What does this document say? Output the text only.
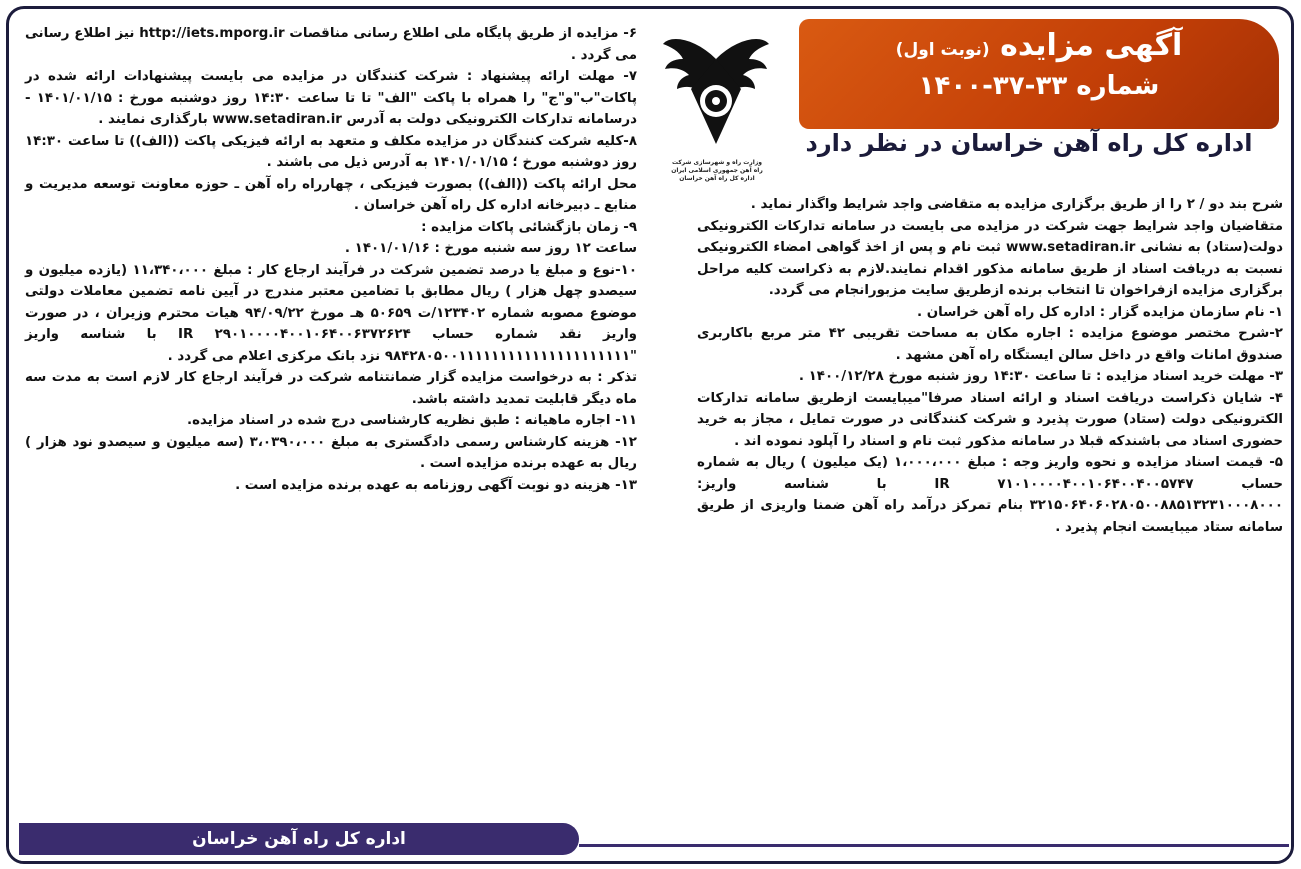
آگهی مزایده (نوبت اول)
شماره ۳۳-۳۷-۱۴۰۰
اداره کل راه آهن خراسان در نظر دارد
وزارت راه و شهرسازی شرکت راه آهن جمهوری اسلامی ایران اداره کل راه آهن خراسان

شرح بند دو / ۲ را از طریق برگزاری مزایده به متقاضی واجد شرایط واگذار نماید .

متقاضیان واجد شرایط جهت شرکت در مزایده می بایست در سامانه تدارکات الکترونیکی دولت(ستاد) به نشانی www.setadiran.ir ثبت نام و پس از اخذ گواهی امضاء الکترونیکی نسبت به دریافت اسناد از طریق سامانه مذکور اقدام نمایند.لازم به ذکراست کلیه مراحل برگزاری مزایده ازفراخوان تا انتخاب برنده ازطریق سایت مزبورانجام می گردد.

۱- نام سازمان مزایده گزار : اداره کل راه آهن خراسان .

۲-شرح مختصر موضوع مزایده : اجاره مکان به مساحت تقریبی ۴۲ متر مربع باکاربری صندوق امانات واقع در داخل سالن ایستگاه راه آهن مشهد .

۳- مهلت خرید اسناد مزایده : تا ساعت ۱۴:۳۰ روز شنبه مورخ ۱۴۰۰/۱۲/۲۸ .

۴- شایان ذکراست دریافت اسناد و ارائه اسناد صرفا"میبایست ازطریق سامانه تدارکات الکترونیکی دولت (ستاد) صورت پذیرد و شرکت کنندگانی در صورت تمایل ، مجاز به خرید حضوری اسناد می باشندکه قبلا در سامانه مذکور ثبت نام و اسناد را آپلود نموده اند .

۵- قیمت اسناد مزایده و نحوه واریز وجه : مبلغ ۱،۰۰۰،۰۰۰ (یک میلیون ) ریال به شماره حساب IR ۷۱۰۱۰۰۰۰۴۰۰۱۰۶۴۰۰۴۰۰۵۷۴۷ با شناسه واریز: ۳۲۱۵۰۶۴۰۶۰۲۸۰۵۰۰۸۸۵۱۳۲۳۱۰۰۰۸۰۰۰ بنام تمرکز درآمد راه آهن ضمنا واریزی از طریق سامانه ستاد میبایست انجام پذیرد .

۶- مزایده از طریق پایگاه ملی اطلاع رسانی مناقصات http://iets.mporg.ir نیز اطلاع رسانی می گردد .

۷- مهلت ارائه پیشنهاد : شرکت کنندگان در مزایده می بایست پیشنهادات ارائه شده در پاکات"ب"و"ج" را همراه با پاکت "الف" تا تا ساعت ۱۴:۳۰ روز دوشنبه مورخ : ۱۴۰۱/۰۱/۱۵ - درسامانه تدارکات الکترونیکی دولت به آدرس www.setadiran.ir بارگذاری نمایند .

۸-کلیه شرکت کنندگان در مزایده مکلف و متعهد به ارائه فیزیکی پاکت ((الف)) تا ساعت ۱۴:۳۰ روز دوشنبه مورخ ؛ ۱۴۰۱/۰۱/۱۵ به آدرس ذیل می باشند .

محل ارائه پاکت ((الف)) بصورت فیزیکی ، چهارراه راه آهن ـ حوزه معاونت توسعه مدیریت و منابع ـ دبیرخانه اداره کل راه آهن خراسان .

۹- زمان بازگشائی پاکات مزایده :

ساعت ۱۲ روز سه شنبه مورخ : ۱۴۰۱/۰۱/۱۶ .

۱۰-نوع و مبلغ یا درصد تضمین شرکت در فرآیند ارجاع کار : مبلغ ۱۱،۳۴۰،۰۰۰ (یازده میلیون و سیصدو چهل هزار ) ریال مطابق با تضامین معتبر مندرج در آیین نامه تضمین معاملات دولتی موضوع مصوبه شماره ۱۲۳۴۰۲/ت ۵۰۶۵۹ هـ مورخ ۹۴/۰۹/۲۲ هیات محترم وزیران ، در صورت واریز نقد شماره حساب IR ۲۹۰۱۰۰۰۰۴۰۰۱۰۶۴۰۰۶۳۷۲۶۲۴ با شناسه واریز "۹۸۴۲۸۰۵۰۰۱۱۱۱۱۱۱۱۱۱۱۱۱۱۱۱۱۱۱۱۱ نزد بانک مرکزی اعلام می گردد .

تذکر : به درخواست مزایده گزار ضمانتنامه شرکت در فرآیند ارجاع کار لازم است به مدت سه ماه دیگر قابلیت تمدید داشته باشد.

۱۱- اجاره ماهیانه : طبق نظریه کارشناسی درج شده در اسناد مزایده.

۱۲- هزینه کارشناس رسمی دادگستری به مبلغ ۳،۰۳۹۰،۰۰۰ (سه میلیون و سیصدو نود هزار ) ریال به عهده برنده مزایده است .

۱۳- هزینه دو نوبت آگهی روزنامه به عهده برنده مزایده است .

اداره کل راه آهن خراسان
